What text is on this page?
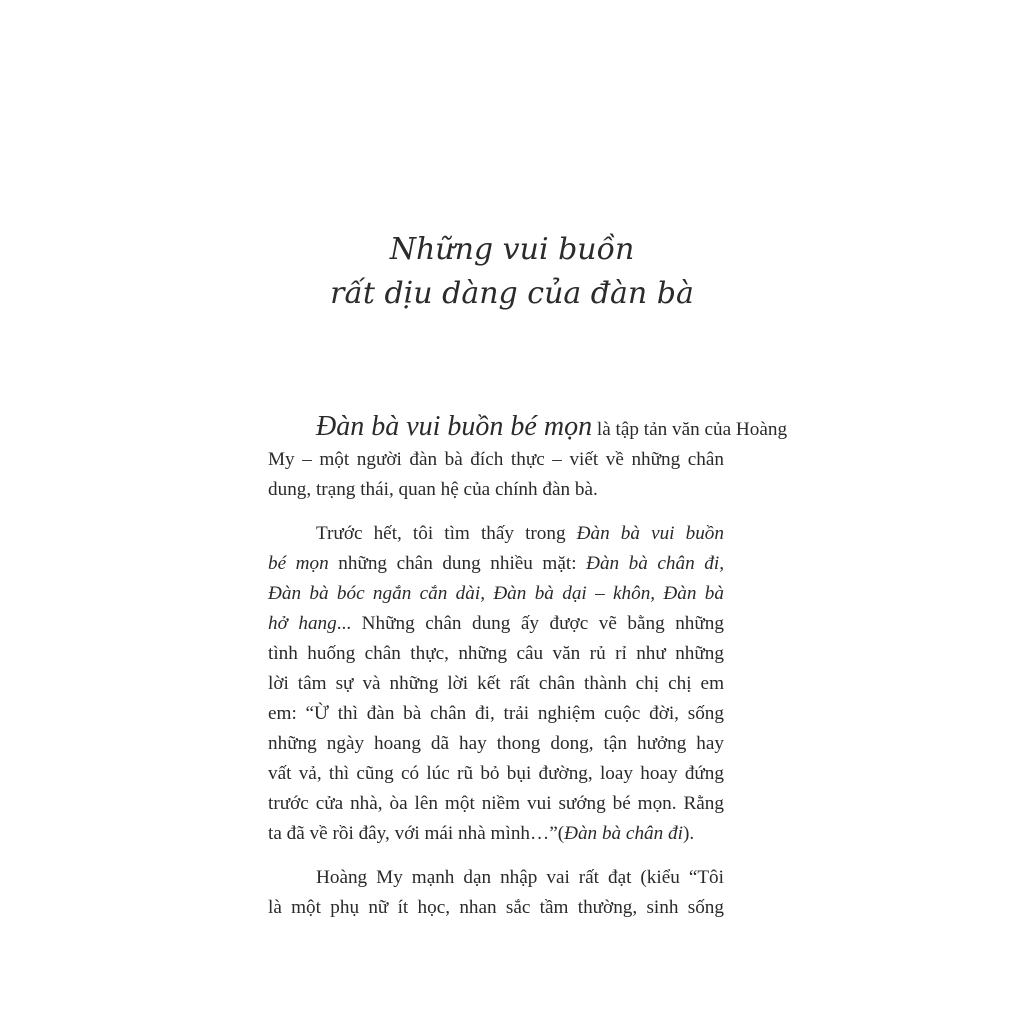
Những vui buồn
rất dịu dàng của đàn bà
Đàn bà vui buồn bé mọn là tập tản văn của Hoàng
My – một người đàn bà đích thực – viết về những chân
dung, trạng thái, quan hệ của chính đàn bà.
Trước hết, tôi tìm thấy trong Đàn bà vui buồn
bé mọn những chân dung nhiều mặt: Đàn bà chân đi,
Đàn bà bóc ngắn cắn dài, Đàn bà dại – khôn, Đàn bà
hở hang... Những chân dung ấy được vẽ bằng những
tình huống chân thực, những câu văn rủ rỉ như những
lời tâm sự và những lời kết rất chân thành chị chị em
em: “Ừ thì đàn bà chân đi, trải nghiệm cuộc đời, sống
những ngày hoang dã hay thong dong, tận hưởng hay
vất vả, thì cũng có lúc rũ bỏ bụi đường, loay hoay đứng
trước cửa nhà, òa lên một niềm vui sướng bé mọn. Rằng
ta đã về rồi đây, với mái nhà mình…”(Đàn bà chân đi).
Hoàng My mạnh dạn nhập vai rất đạt (kiểu “Tôi
là một phụ nữ ít học, nhan sắc tầm thường, sinh sống
